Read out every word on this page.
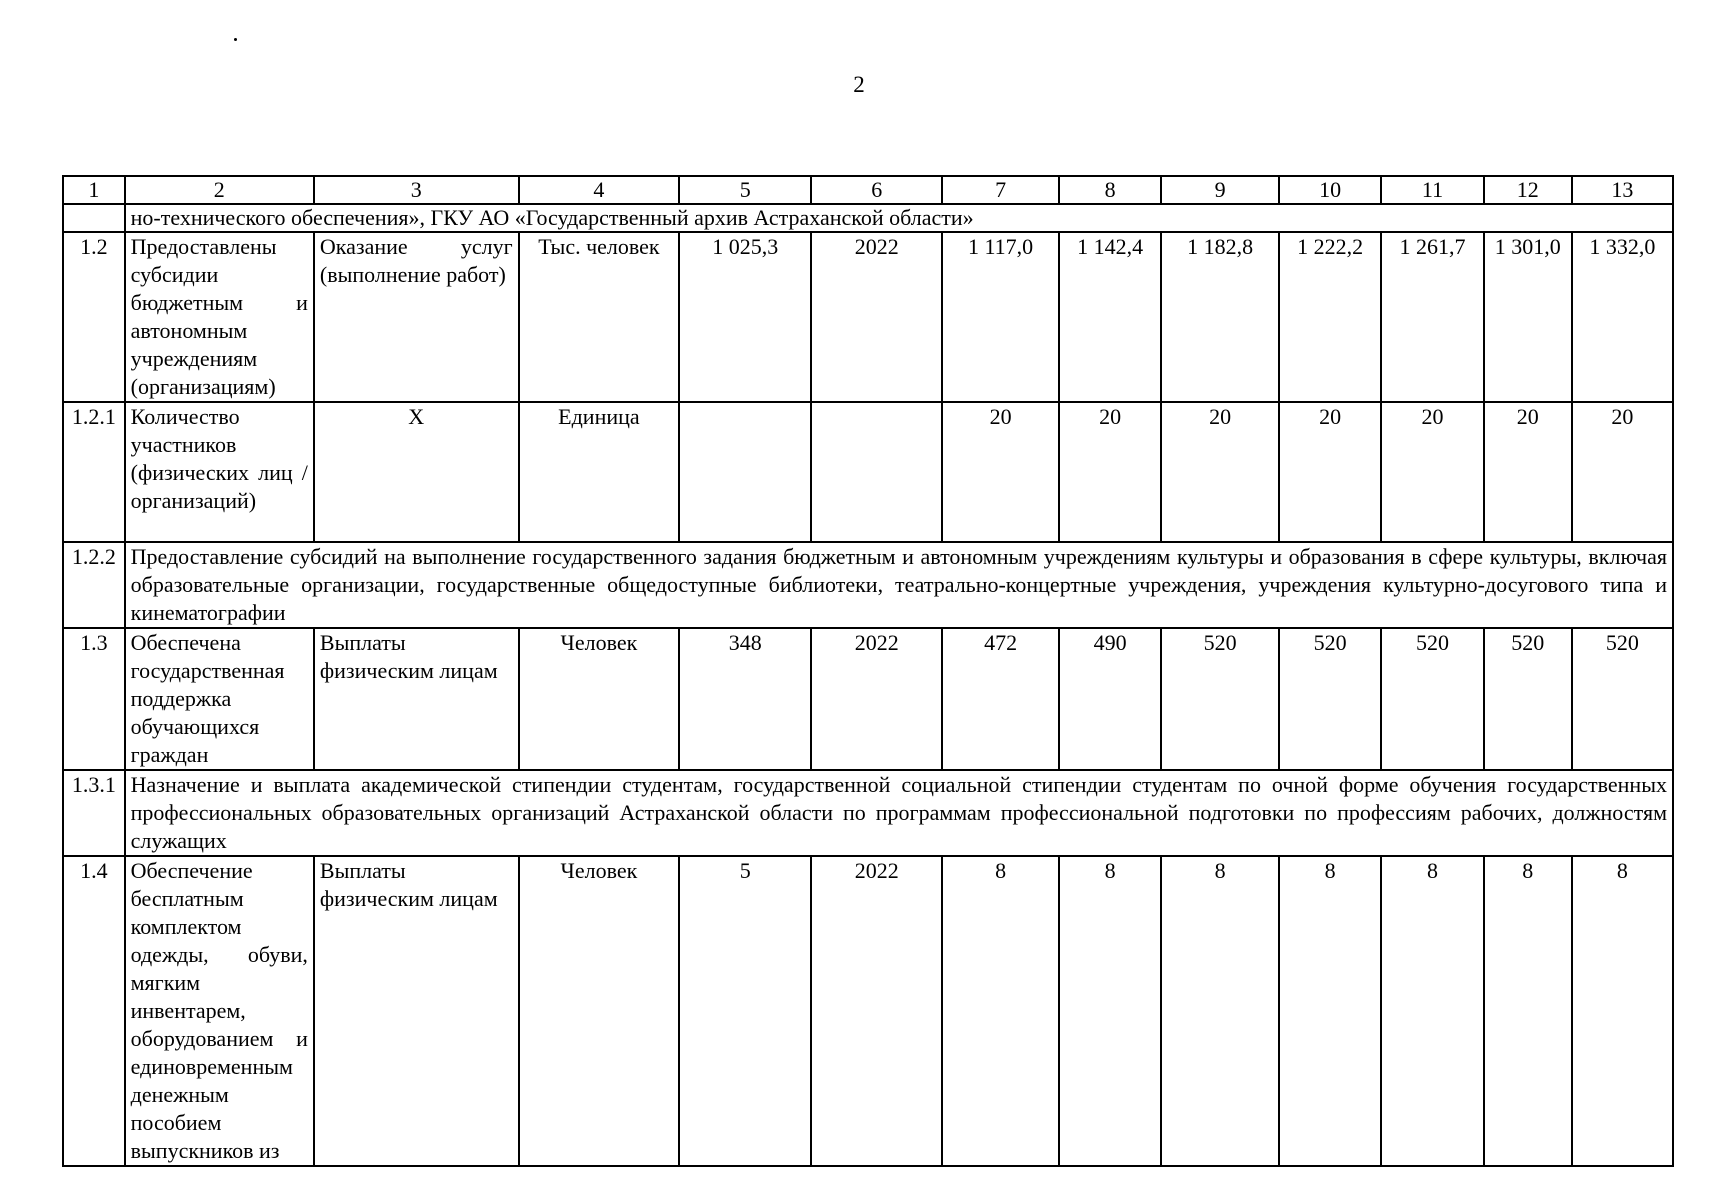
2
1	2	3	4	5	6	7	8	9	10	11	12	13
	но-технического обеспечения», ГКУ АО «Государственный архив Астраханской области»											
1.2	Предоставлены субсидии бюджетным и автономным учреждениям (организациям)	Оказание услуг (выполнение работ)	Тыс. человек	1 025,3	2022	1 117,0	1 142,4	1 182,8	1 222,2	1 261,7	1 301,0	1 332,0
1.2.1	Количество участников (физических лиц / организаций)	Х	Единица			20	20	20	20	20	20	20
1.2.2	Предоставление субсидий на выполнение государственного задания бюджетным и автономным учреждениям культуры и образования в сфере культуры, включая образовательные организации, государственные общедоступные библиотеки, театрально-концертные учреждения, учреждения культурно-досугового типа и кинематографии											
1.3	Обеспечена государственная поддержка обучающихся граждан	Выплаты физическим лицам	Человек	348	2022	472	490	520	520	520	520	520
1.3.1	Назначение и выплата академической стипендии студентам, государственной социальной стипендии студентам по очной форме обучения государственных профессиональных образовательных организаций Астраханской области по программам профессиональной подготовки по профессиям рабочих, должностям служащих											
1.4	Обеспечение бесплатным комплектом одежды, обуви, мягким инвентарем, оборудованием и единовременным денежным пособием выпускников из	Выплаты физическим лицам	Человек	5	2022	8	8	8	8	8	8	8
